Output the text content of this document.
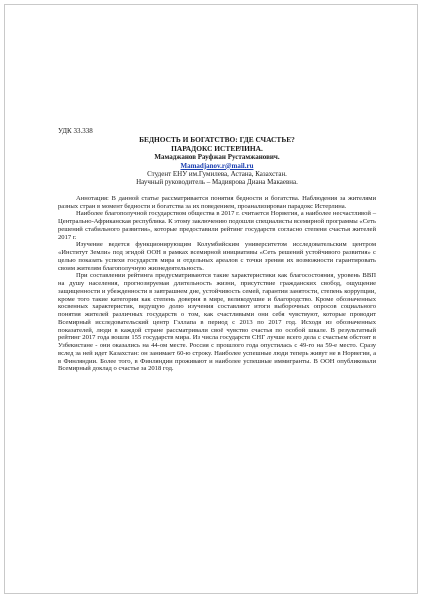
УДК 33.338

БЕДНОСТЬ И БОГАТСТВО: ГДЕ СЧАСТЬЕ?

ПАРАДОКС ИСТЕРЛИНА.

Мамаджанов Рауфжан Рустамжанович.

Mamadjanov.r@mail.ru

Студент ЕНУ им.Гумилева, Астана, Казахстан.

Научный руководитель – Мадиярова Диана Макаевна.

Аннотация: В данной статье рассматривается понятия бедности и богатства. Наблюдения за жителями разных стран в момент бедности и богатства за их поведением, проанализирован парадокс Истерлина.

Наиболее благополучной государством общества в 2017 г. считается Норвегия, а наиболее несчастливой – Центрально-Африканская республика. К этому заключению подошли специалисты всемирной программы «Сеть решений стабильного развития», которые предоставили рейтинг государств согласно степени счастья жителей 2017 г.

Изучение ведется функционирующим Колумбийским университетом исследовательским центром «Институт Земли» под эгидой ООН в рамках всемирной инициативы «Сеть решений устойчивого развития» с целью показать успехи государств мира и отдельных ареалов с точки зрения их возможности гарантировать своим жителям благополучную жизнедеятельность.

При составлении рейтинга предусматриваются такие характеристики как благосостояния, уровень ВВП на душу населения, прогнозируемая длительность жизни, присутствие гражданских свобод, ощущение защищенности и убежденности в завтрашнем дне, устойчивость семей, гарантии занятости, степень коррупции, кроме того такие категории как степень доверия в мире, великодушие и благородство. Кроме обозначенных косвенных характеристик, ведущую долю изучения составляют итоги выборочных опросов социального понятия жителей различных государств о том, как счастливыми они себя чувствуют, которые проводит Всемирный исследовательский центр Гэллапа в период с 2013 по 2017 год. Исходя из обозначенных показателей, люди в каждой стране рассматривали своё чувство счастья по особой шкале. В результатный рейтинг 2017 года вошли 155 государств мира. Из числа государств СНГ лучше всего дела с счастьем обстоят в Узбекистане - они оказались на 44-ом месте. Россия с прошлого года опустилась с 49-го на 59-е место. Сразу вслед за ней идет Казахстан: он занимает 60-ю строку. Наиболее успешные люди теперь живут не в Норвегии, а в Финляндии. Более того, в Финляндии проживают и наиболее успешные иммигранты. В ООН опубликовали Всемирный доклад о счастье за 2018 год.
